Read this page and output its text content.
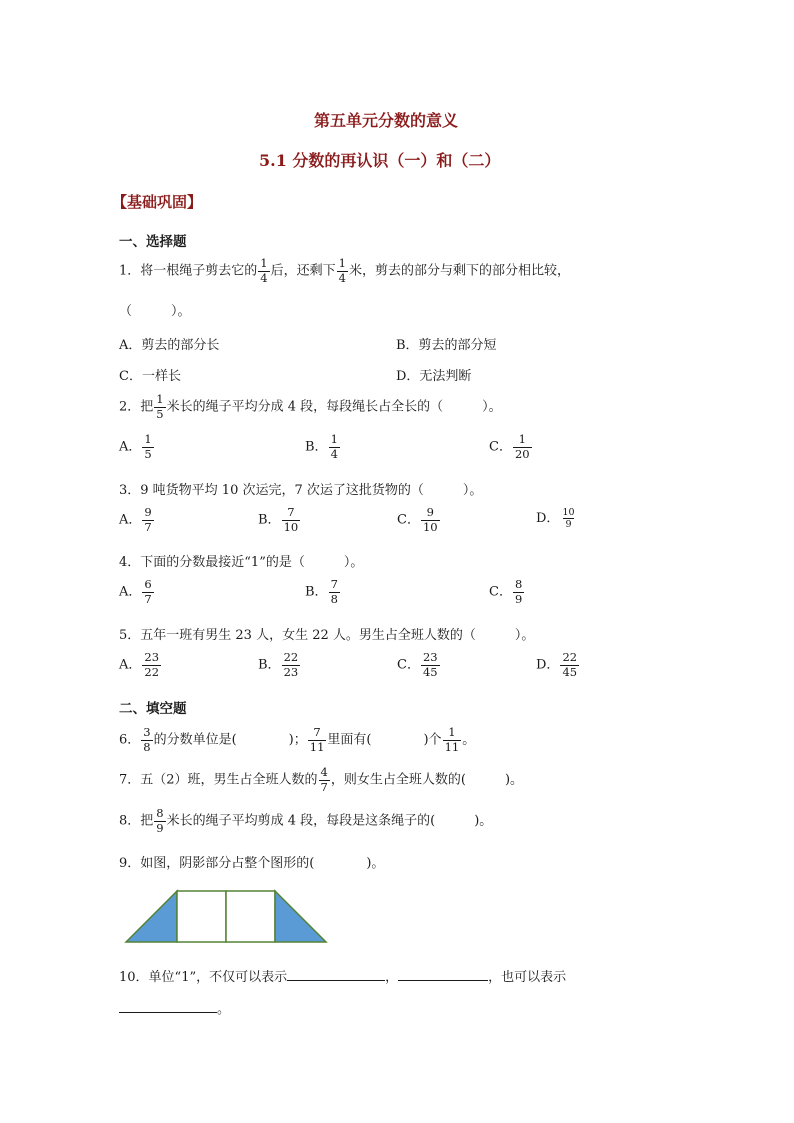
第五单元分数的意义
5.1 分数的再认识（一）和（二）
【基础巩固】
一、选择题
1．将一根绳子剪去它的 $\frac{1}{4}$ 后，还剩下 $\frac{1}{4}$ 米，剪去的部分与剩下的部分相比较，
（　　　）。
A．剪去的部分长	B．剪去的部分短
C．一样长	D．无法判断
2．把 $\frac{1}{5}$ 米长的绳子平均分成 4 段，每段绳长占全长的（　　　）。
A． $\frac{1}{5}$	B． $\frac{1}{4}$	C． $\frac{1}{20}$
3．9 吨货物平均 10 次运完，7 次运了这批货物的（　　　）。
A． $\frac{9}{7}$	B． $\frac{7}{10}$	C． $\frac{9}{10}$	D． $\frac{10}{9}$
4．下面的分数最接近“1”的是（　　　）。
A． $\frac{6}{7}$	B． $\frac{7}{8}$	C． $\frac{8}{9}$
5．五年一班有男生 23 人，女生 22 人。男生占全班人数的（　　　）。
A． $\frac{23}{22}$	B． $\frac{22}{23}$	C． $\frac{23}{45}$	D． $\frac{22}{45}$
二、填空题
6． $\frac{3}{8}$ 的分数单位是(　　　　)； $\frac{7}{11}$ 里面有(　　　　)个 $\frac{1}{11}$ 。
7．五（2）班，男生占全班人数的 $\frac{4}{7}$ ，则女生占全班人数的(　　　)。
8．把 $\frac{8}{9}$ 米长的绳子平均剪成 4 段，每段是这条绳子的(　　　)。
9．如图，阴影部分占整个图形的(　　　　)。
10．单位“1”，不仅可以表示	，	，也可以表示
。
